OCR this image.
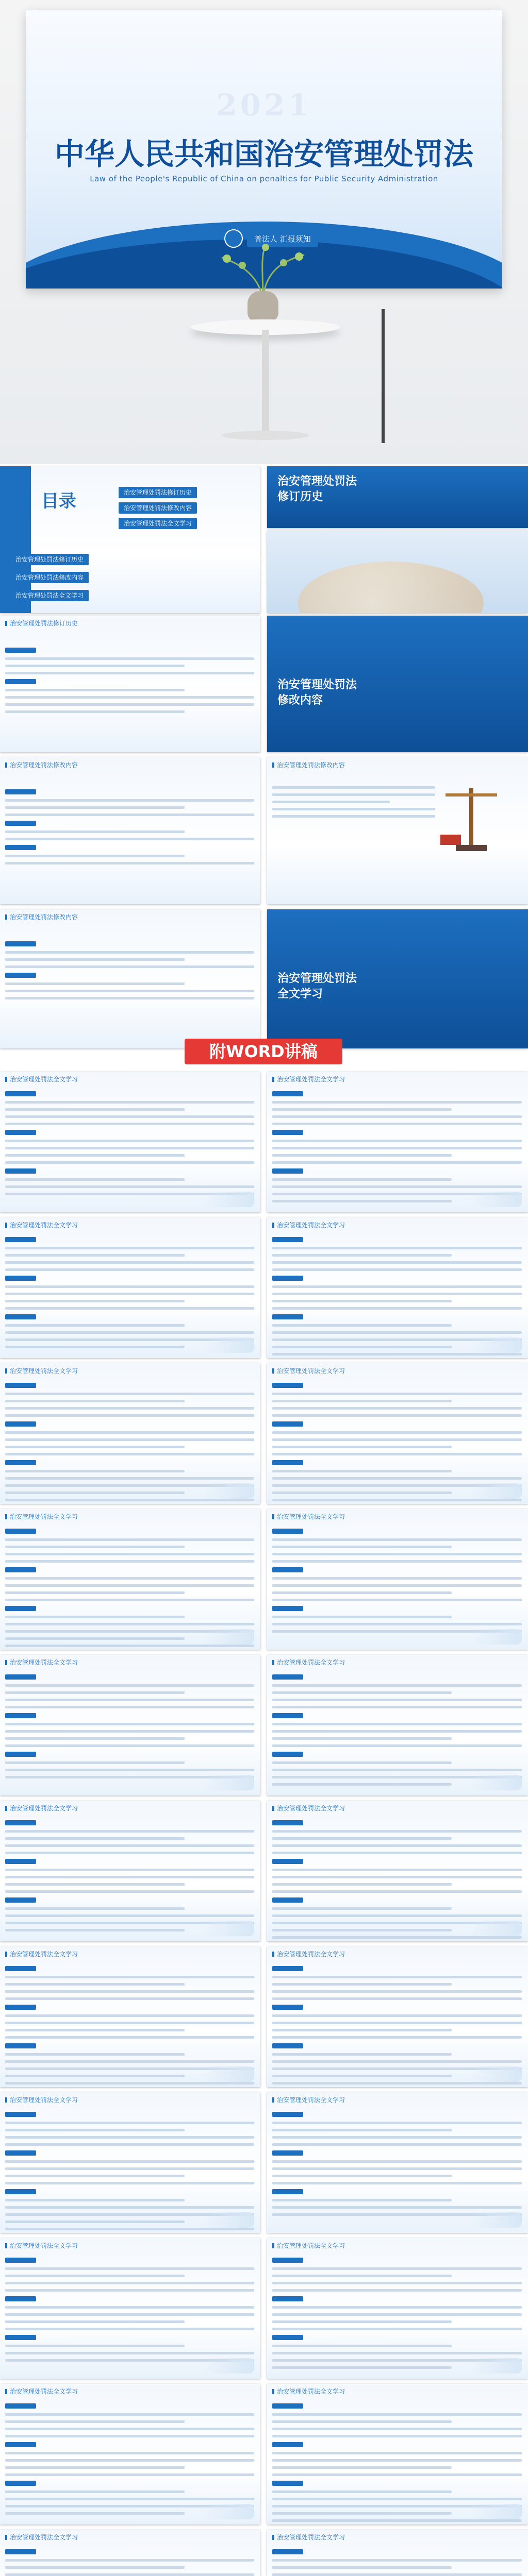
2021
中华人民共和国治安管理处罚法
Law of the People's Republic of China on penalties for Public Security Administration
普法人 汇报须知
目录	治安管理处罚法修订历史
治安管理处罚法修改内容
治安管理处罚法全文学习
治安管理处罚法修订历史
治安管理处罚法修改内容
治安管理处罚法全文学习
治安管理处罚法
修订历史
治安管理处罚法修订历史
治安管理处罚法
修改内容
治安管理处罚法修改内容	治安管理处罚法修改内容
治安管理处罚法修改内容
治安管理处罚法
全文学习
附WORD讲稿
治安管理处罚法全文学习	治安管理处罚法全文学习
治安管理处罚法全文学习	治安管理处罚法全文学习
治安管理处罚法全文学习	治安管理处罚法全文学习
治安管理处罚法全文学习	治安管理处罚法全文学习
治安管理处罚法全文学习	治安管理处罚法全文学习
治安管理处罚法全文学习	治安管理处罚法全文学习
治安管理处罚法全文学习	治安管理处罚法全文学习
治安管理处罚法全文学习	治安管理处罚法全文学习
治安管理处罚法全文学习	治安管理处罚法全文学习
治安管理处罚法全文学习	治安管理处罚法全文学习
治安管理处罚法全文学习	治安管理处罚法全文学习
